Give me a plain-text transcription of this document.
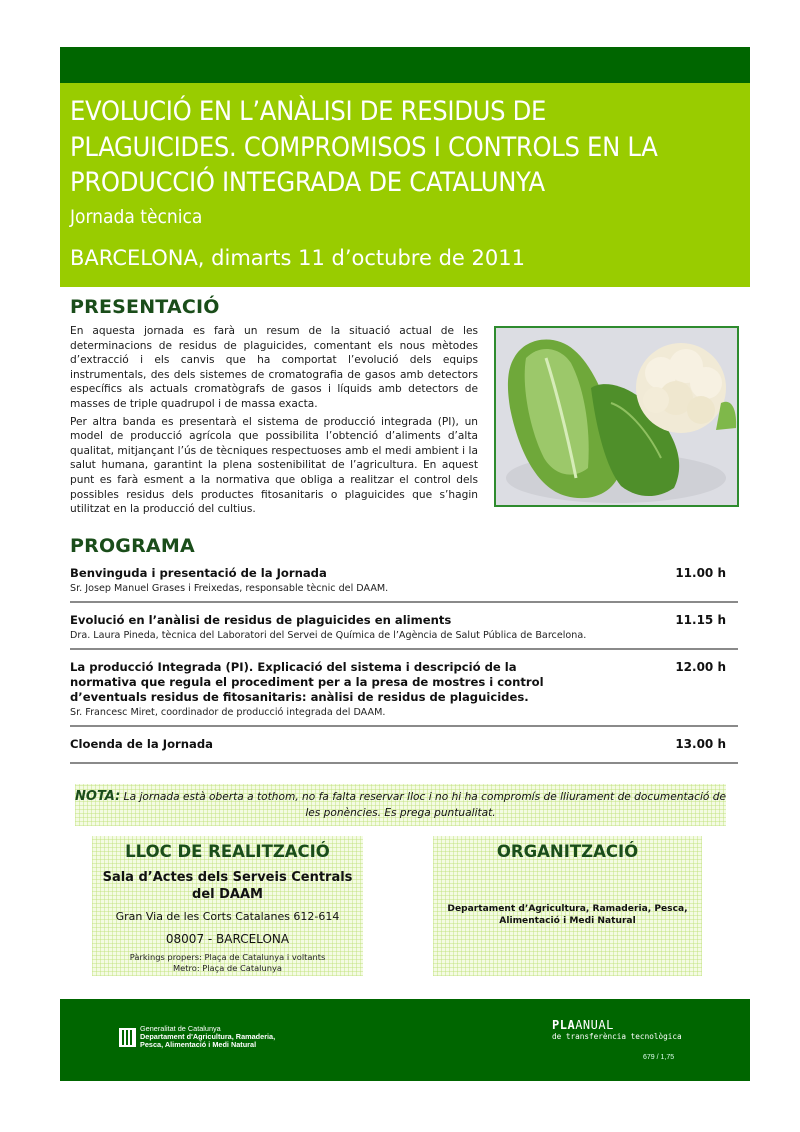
EVOLUCIÓ EN L’ANÀLISI DE RESIDUS DE
PLAGUICIDES. COMPROMISOS I CONTROLS EN LA
PRODUCCIÓ INTEGRADA DE CATALUNYA
Jornada tècnica
BARCELONA, dimarts 11 d’octubre de 2011
PRESENTACIÓ

En aquesta jornada es farà un resum de la situació actual de les determinacions de residus de plaguicides, comentant els nous mètodes d’extracció i els canvis que ha comportat l’evolució dels equips instrumentals, des dels sistemes de cromatografia de gasos amb detectors específics als actuals cromatògrafs de gasos i líquids amb detectors de masses de triple quadrupol i de massa exacta.

Per altra banda es presentarà el sistema de producció integrada (PI), un model de producció agrícola que possibilita l’obtenció d’aliments d’alta qualitat, mitjançant l’ús de tècniques respectuoses amb el medi ambient i la salut humana, garantint la plena sostenibilitat de l’agricultura. En aquest punt es farà esment a la normativa que obliga a realitzar el control dels possibles residus dels productes fitosanitaris o plaguicides que s’hagin utilitzat en la producció del cultius.

PROGRAMA
Benvinguda i presentació de la Jornada
Sr. Josep Manuel Grases i Freixedas, responsable tècnic del DAAM.
11.00 h
Evolució en l’anàlisi de residus de plaguicides en aliments
Dra. Laura Pineda, tècnica del Laboratori del Servei de Química de l’Agència de Salut Pública de Barcelona.
11.15 h
La producció Integrada (PI). Explicació del sistema i descripció de la normativa que regula el procediment per a la presa de mostres i control d’eventuals residus de fitosanitaris: anàlisi de residus de plaguicides.
Sr. Francesc Miret, coordinador de producció integrada del DAAM.
12.00 h
Cloenda de la Jornada	13.00 h
NOTA: La jornada està oberta a tothom, no fa falta reservar lloc i no hi ha compromís de lliurament de documentació de les ponències. Es prega puntualitat.
LLOC DE REALITZACIÓ
Sala d’Actes dels Serveis Centrals
del DAAM
Gran Via de les Corts Catalanes 612-614
08007 - BARCELONA
Pàrkings propers: Plaça de Catalunya i voltants
Metro: Plaça de Catalunya
ORGANITZACIÓ
Departament d’Agricultura, Ramaderia, Pesca,
Alimentació i Medi Natural
Generalitat de Catalunya
Departament d'Agricultura, Ramaderia,
Pesca, Alimentació i Medi Natural
PLAANUAL
de transferència tecnològica
679 / 1,75
